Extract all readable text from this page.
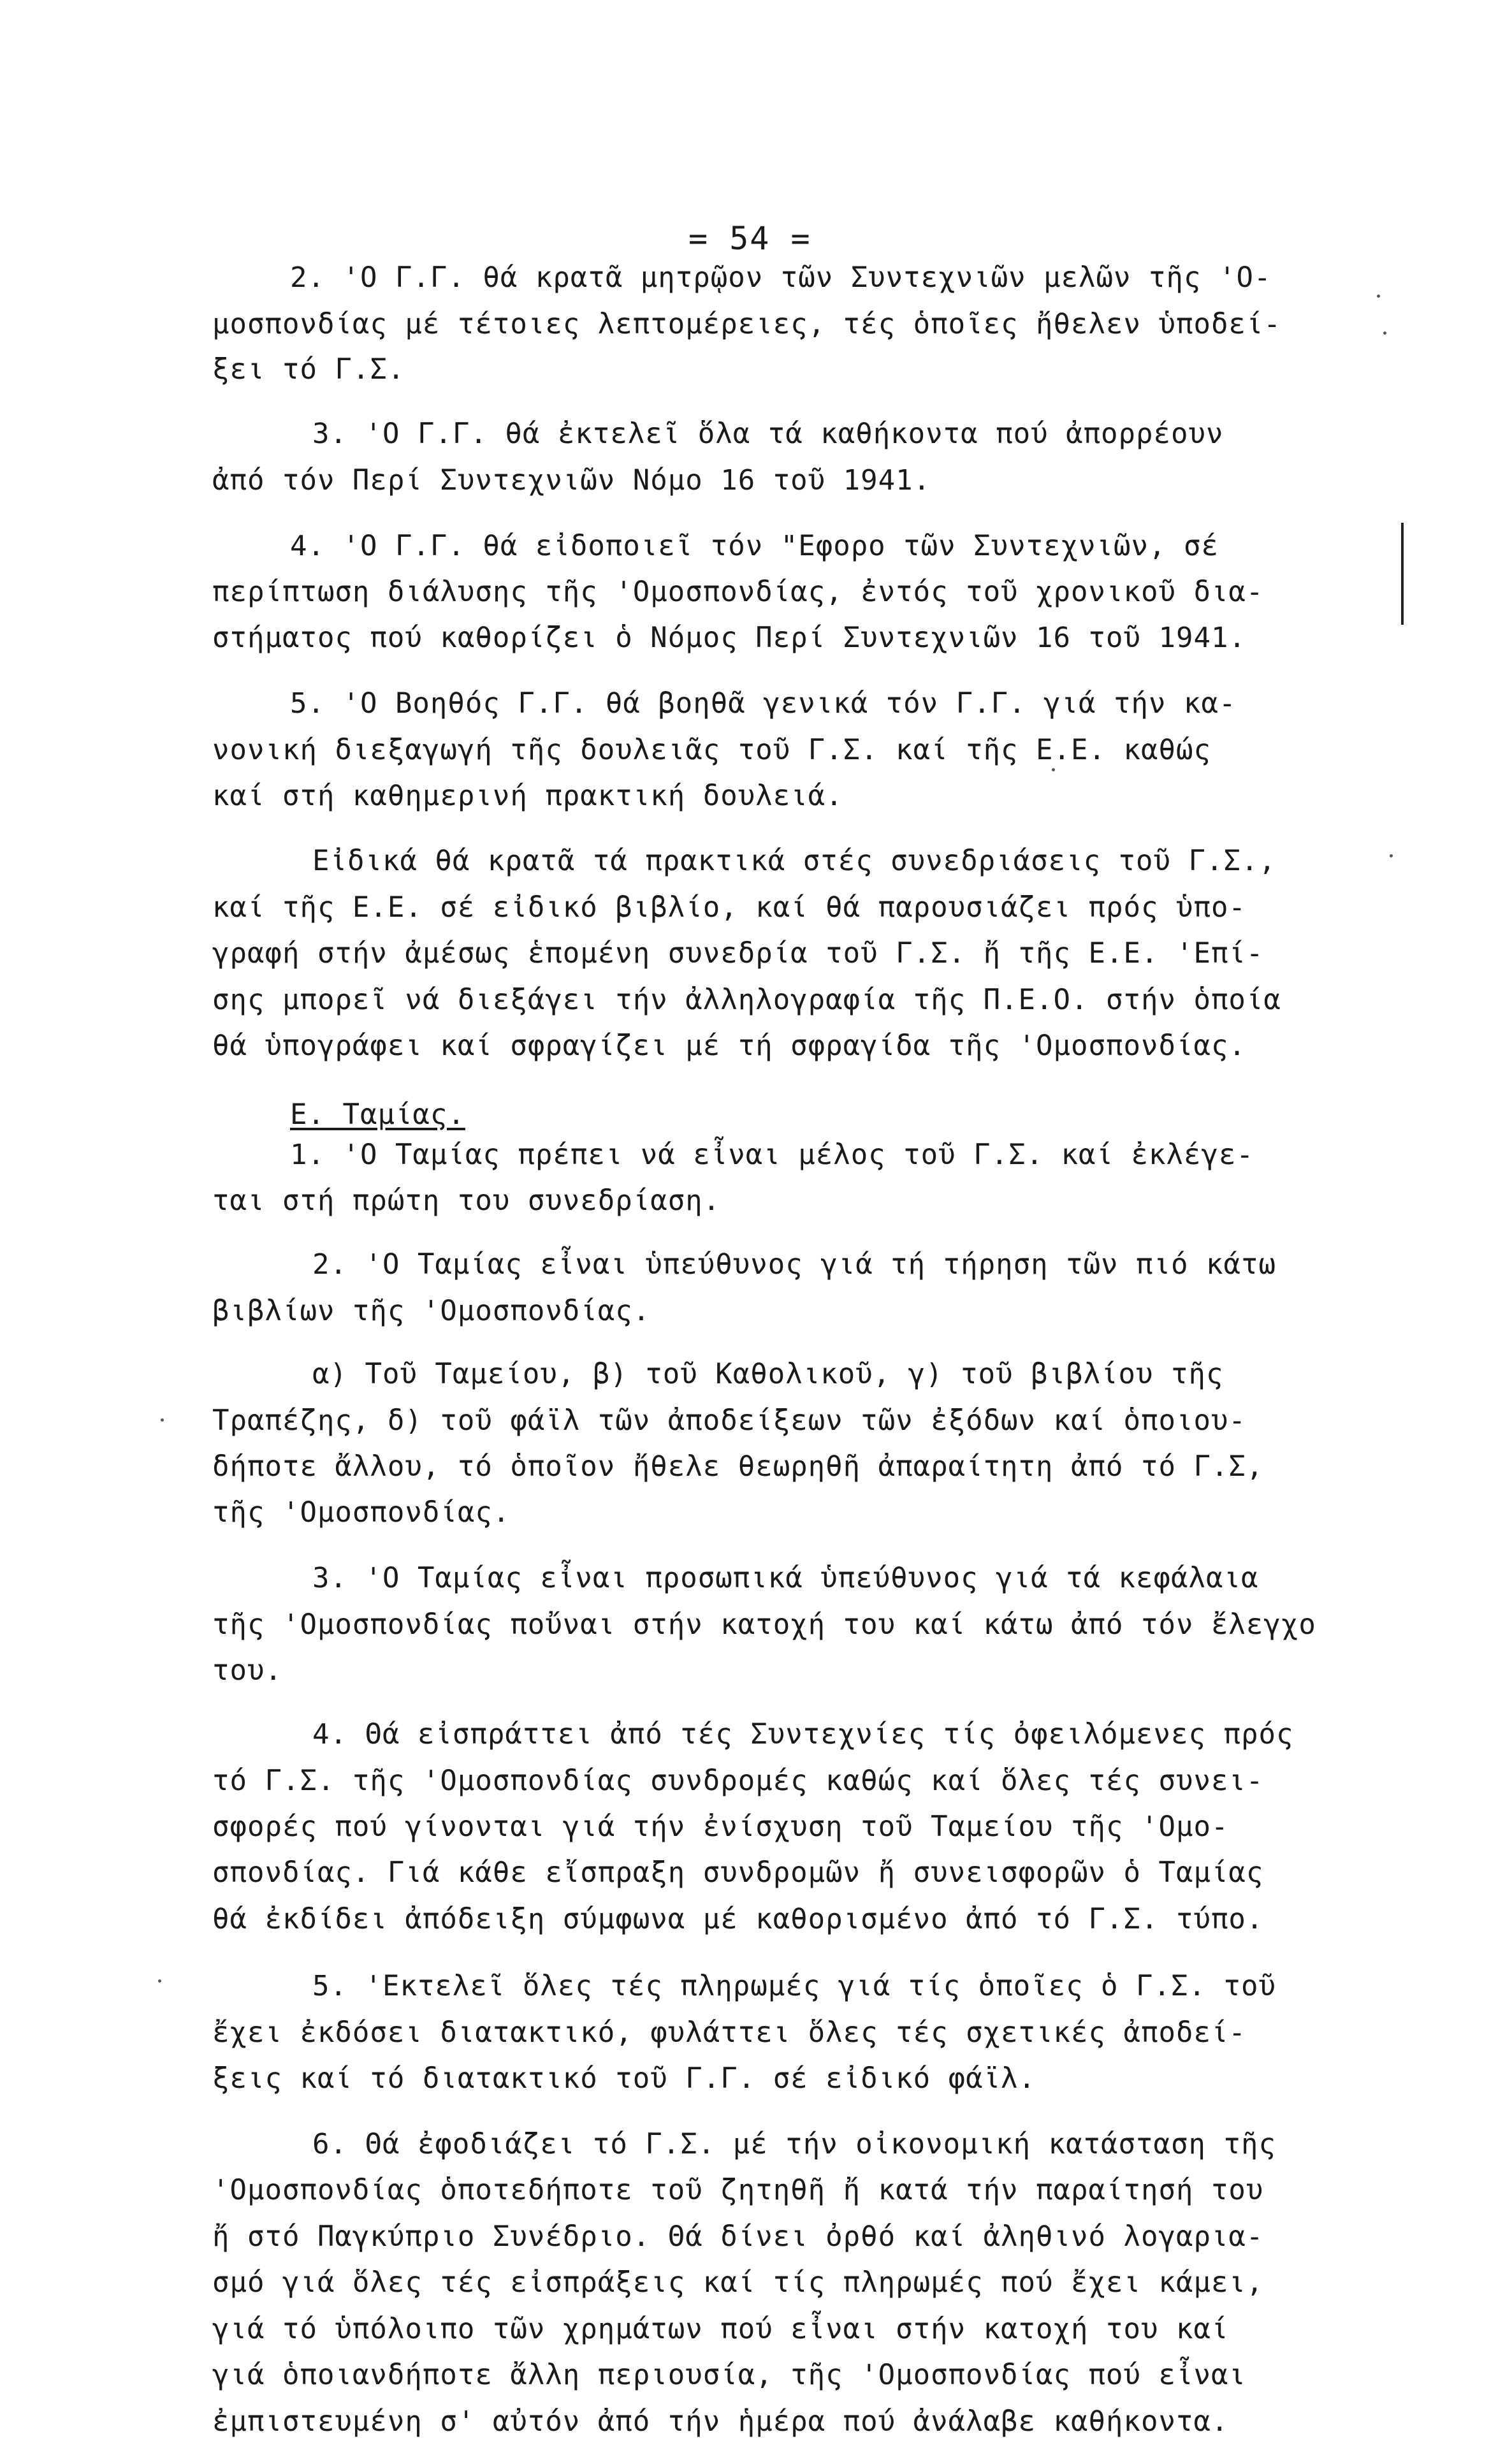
= 54 =
2. 'Ο Γ.Γ. θά κρατᾶ μητρῷον τῶν Συντεχνιῶν μελῶν τῆς 'Ο-
μοσπονδίας μέ τέτοιες λεπτομέρειες, τές ὁποῖες ἤθελεν ὑποδεί-
ξει τό Γ.Σ.
3. 'Ο Γ.Γ. θά ἐκτελεῖ ὅλα τά καθήκοντα πού ἀπορρέουν
ἀπό τόν Περί Συντεχνιῶν Νόμο 16 τοῦ 1941.
4. 'Ο Γ.Γ. θά εἰδοποιεῖ τόν "Εφορο τῶν Συντεχνιῶν, σέ
περίπτωση διάλυσης τῆς 'Ομοσπονδίας, ἐντός τοῦ χρονικοῦ δια-
στήματος πού καθορίζει ὁ Νόμος Περί Συντεχνιῶν 16 τοῦ 1941.
5. 'Ο Βοηθός Γ.Γ. θά βοηθᾶ γενικά τόν Γ.Γ. γιά τήν κα-
νονική διεξαγωγή τῆς δουλειᾶς τοῦ Γ.Σ. καί τῆς Ε.Ε. καθώς
καί στή καθημερινή πρακτική δουλειά.
Εἰδικά θά κρατᾶ τά πρακτικά στές συνεδριάσεις τοῦ Γ.Σ.,
καί τῆς Ε.Ε. σέ εἰδικό βιβλίο, καί θά παρουσιάζει πρός ὑπο-
γραφή στήν ἀμέσως ἑπομένη συνεδρία τοῦ Γ.Σ. ἤ τῆς Ε.Ε. 'Επί-
σης μπορεῖ νά διεξάγει τήν ἀλληλογραφία τῆς Π.Ε.Ο. στήν ὁποία
θά ὑπογράφει καί σφραγίζει μέ τή σφραγίδα τῆς 'Ομοσπονδίας.
Ε. Ταμίας.
1. 'Ο Ταμίας πρέπει νά εἶναι μέλος τοῦ Γ.Σ. καί ἐκλέγε-
ται στή πρώτη του συνεδρίαση.
2. 'Ο Ταμίας εἶναι ὑπεύθυνος γιά τή τήρηση τῶν πιό κάτω
βιβλίων τῆς 'Ομοσπονδίας.
α) Τοῦ Ταμείου, β) τοῦ Καθολικοῦ, γ) τοῦ βιβλίου τῆς
Τραπέζης, δ) τοῦ φάϊλ τῶν ἀποδείξεων τῶν ἐξόδων καί ὁποιου-
δήποτε ἄλλου, τό ὁποῖον ἤθελε θεωρηθῆ ἀπαραίτητη ἀπό τό Γ.Σ,
τῆς 'Ομοσπονδίας.
3. 'Ο Ταμίας εἶναι προσωπικά ὑπεύθυνος γιά τά κεφάλαια
τῆς 'Ομοσπονδίας ποὔναι στήν κατοχή του καί κάτω ἀπό τόν ἔλεγχο
του.
4. Θά εἰσπράττει ἀπό τές Συντεχνίες τίς ὀφειλόμενες πρός
τό Γ.Σ. τῆς 'Ομοσπονδίας συνδρομές καθώς καί ὅλες τές συνει-
σφορές πού γίνονται γιά τήν ἐνίσχυση τοῦ Ταμείου τῆς 'Ομο-
σπονδίας. Γιά κάθε εἴσπραξη συνδρομῶν ἤ συνεισφορῶν ὁ Ταμίας
θά ἐκδίδει ἀπόδειξη σύμφωνα μέ καθορισμένο ἀπό τό Γ.Σ. τύπο.
5. 'Εκτελεῖ ὅλες τές πληρωμές γιά τίς ὁποῖες ὁ Γ.Σ. τοῦ
ἔχει ἐκδόσει διατακτικό, φυλάττει ὅλες τές σχετικές ἀποδεί-
ξεις καί τό διατακτικό τοῦ Γ.Γ. σέ εἰδικό φάϊλ.
6. Θά ἐφοδιάζει τό Γ.Σ. μέ τήν οἰκονομική κατάσταση τῆς
'Ομοσπονδίας ὁποτεδήποτε τοῦ ζητηθῆ ἤ κατά τήν παραίτησή του
ἤ στό Παγκύπριο Συνέδριο. Θά δίνει ὀρθό καί ἀληθινό λογαρια-
σμό γιά ὅλες τές εἰσπράξεις καί τίς πληρωμές πού ἔχει κάμει,
γιά τό ὑπόλοιπο τῶν χρημάτων πού εἶναι στήν κατοχή του καί
γιά ὁποιανδήποτε ἄλλη περιουσία, τῆς 'Ομοσπονδίας πού εἶναι
ἐμπιστευμένη σ' αὐτόν ἀπό τήν ἡμέρα πού ἀνάλαβε καθήκοντα.
